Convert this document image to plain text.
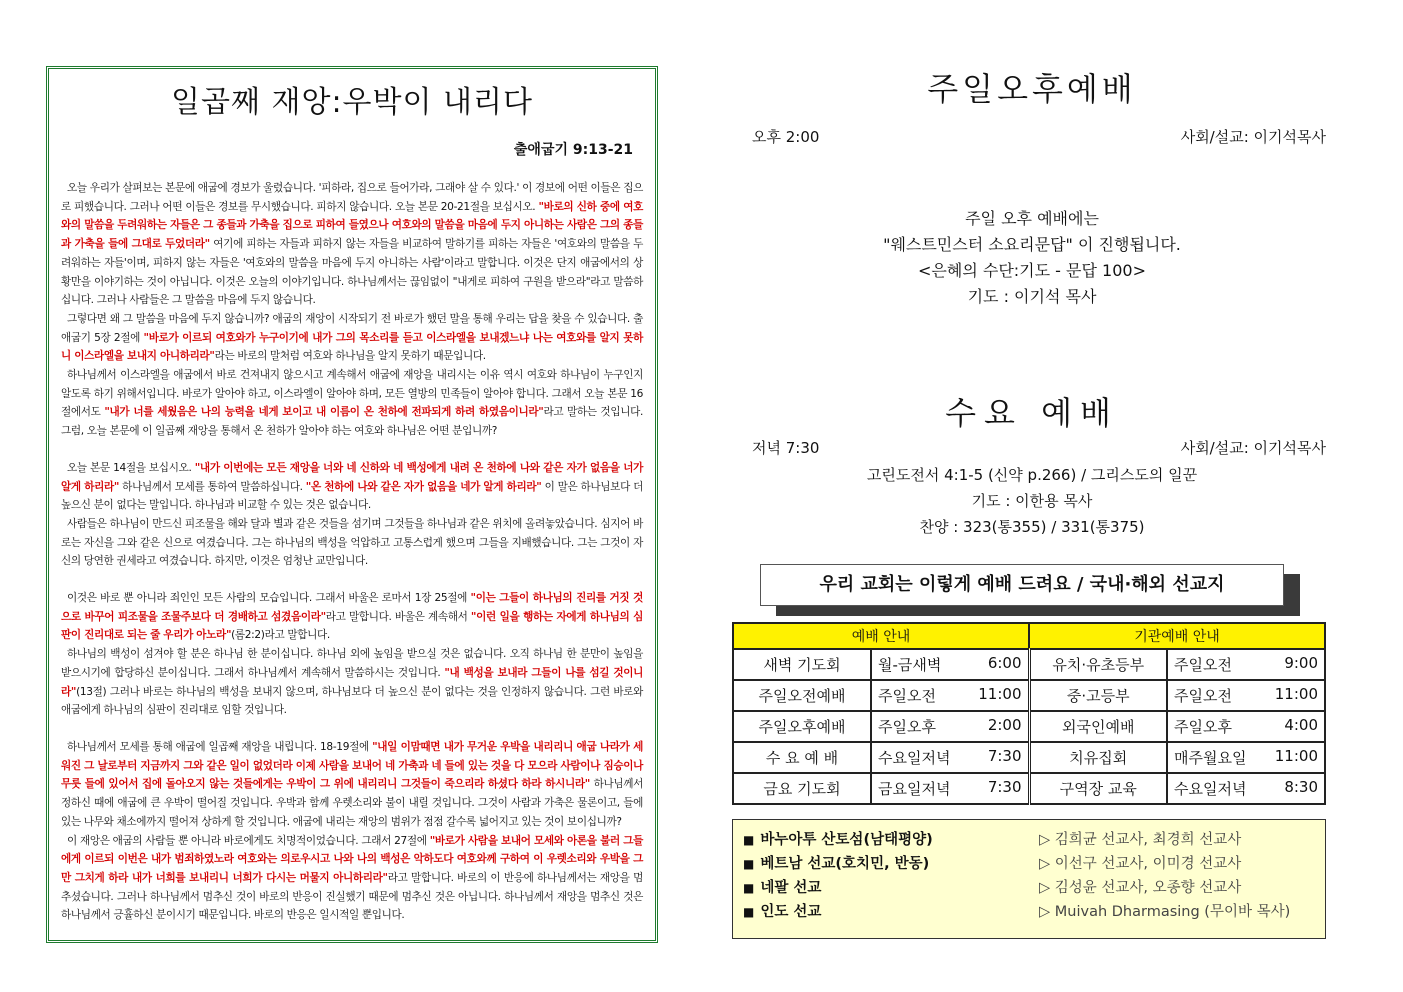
일곱째 재앙:우박이 내리다
출애굽기 9:13-21

오늘 우리가 살펴보는 본문에 애굽에 경보가 울렸습니다. '피하라, 집으로 들어가라, 그래야 살 수 있다.' 이 경보에 어떤 이들은 집으로 피했습니다. 그러나 어떤 이들은 경보를 무시했습니다. 피하지 않습니다. 오늘 본문 20-21절을 보십시오. "바로의 신하 중에 여호와의 말씀을 두려워하는 자들은 그 종들과 가축을 집으로 피하여 들였으나 여호와의 말씀을 마음에 두지 아니하는 사람은 그의 종들과 가축을 들에 그대로 두었더라" 여기에 피하는 자들과 피하지 않는 자들을 비교하여 말하기를 피하는 자들은 '여호와의 말씀을 두려워하는 자들'이며, 피하지 않는 자들은 '여호와의 말씀을 마음에 두지 아니하는 사람'이라고 말합니다. 이것은 단지 애굽에서의 상황만을 이야기하는 것이 아닙니다. 이것은 오늘의 이야기입니다. 하나님께서는 끊임없이 "내게로 피하여 구원을 받으라"라고 말씀하십니다. 그러나 사람들은 그 말씀을 마음에 두지 않습니다.

그렇다면 왜 그 말씀을 마음에 두지 않습니까? 애굽의 재앙이 시작되기 전 바로가 했던 말을 통해 우리는 답을 찾을 수 있습니다. 출애굽기 5장 2절에 "바로가 이르되 여호와가 누구이기에 내가 그의 목소리를 듣고 이스라엘을 보내겠느냐 나는 여호와를 알지 못하니 이스라엘을 보내지 아니하리라"라는 바로의 말처럼 여호와 하나님을 알지 못하기 때문입니다.

하나님께서 이스라엘을 애굽에서 바로 건져내지 않으시고 계속해서 애굽에 재앙을 내리시는 이유 역시 여호와 하나님이 누구인지 알도록 하기 위해서입니다. 바로가 알아야 하고, 이스라엘이 알아야 하며, 모든 열방의 민족들이 알아야 합니다. 그래서 오늘 본문 16절에서도 "내가 너를 세웠음은 나의 능력을 네게 보이고 내 이름이 온 천하에 전파되게 하려 하였음이니라"라고 말하는 것입니다. 그럼, 오늘 본문에 이 일곱째 재앙을 통해서 온 천하가 알아야 하는 여호와 하나님은 어떤 분입니까?

오늘 본문 14절을 보십시오. "내가 이번에는 모든 재앙을 너와 네 신하와 네 백성에게 내려 온 천하에 나와 같은 자가 없음을 너가 알게 하리라" 하나님께서 모세를 통하여 말씀하십니다. "온 천하에 나와 같은 자가 없음을 네가 알게 하리라" 이 말은 하나님보다 더 높으신 분이 없다는 말입니다. 하나님과 비교할 수 있는 것은 없습니다.

사람들은 하나님이 만드신 피조물을 해와 달과 별과 같은 것들을 섬기며 그것들을 하나님과 같은 위치에 올려놓았습니다. 심지어 바로는 자신을 그와 같은 신으로 여겼습니다. 그는 하나님의 백성을 억압하고 고통스럽게 했으며 그들을 지배했습니다. 그는 그것이 자신의 당연한 권세라고 여겼습니다. 하지만, 이것은 엄청난 교만입니다.

이것은 바로 뿐 아니라 죄인인 모든 사람의 모습입니다. 그래서 바울은 로마서 1장 25절에 "이는 그들이 하나님의 진리를 거짓 것으로 바꾸어 피조물을 조물주보다 더 경배하고 섬겼음이라"라고 말합니다. 바울은 계속해서 "이런 일을 행하는 자에게 하나님의 심판이 진리대로 되는 줄 우리가 아노라"(롬2:2)라고 말합니다.

하나님의 백성이 섬겨야 할 분은 하나님 한 분이십니다. 하나님 외에 높임을 받으실 것은 없습니다. 오직 하나님 한 분만이 높임을 받으시기에 합당하신 분이십니다. 그래서 하나님께서 계속해서 말씀하시는 것입니다. "내 백성을 보내라 그들이 나를 섬길 것이니라"(13절) 그러나 바로는 하나님의 백성을 보내지 않으며, 하나님보다 더 높으신 분이 없다는 것을 인정하지 않습니다. 그런 바로와 애굽에게 하나님의 심판이 진리대로 임할 것입니다.

하나님께서 모세를 통해 애굽에 일곱째 재앙을 내립니다. 18-19절에 "내일 이맘때면 내가 무거운 우박을 내리리니 애굽 나라가 세워진 그 날로부터 지금까지 그와 같은 일이 없었더라 이제 사람을 보내어 네 가축과 네 들에 있는 것을 다 모으라 사람이나 짐승이나 무릇 들에 있어서 집에 돌아오지 않는 것들에게는 우박이 그 위에 내리리니 그것들이 죽으리라 하셨다 하라 하시니라" 하나님께서 정하신 때에 애굽에 큰 우박이 떨어질 것입니다. 우박과 함께 우렛소리와 불이 내릴 것입니다. 그것이 사람과 가축은 물론이고, 들에 있는 나무와 채소에까지 떨어져 상하게 할 것입니다. 애굽에 내리는 재앙의 범위가 점점 갈수록 넓어지고 있는 것이 보이십니까?

이 재앙은 애굽의 사람들 뿐 아니라 바로에게도 치명적이었습니다. 그래서 27절에 "바로가 사람을 보내어 모세와 아론을 불러 그들에게 이르되 이번은 내가 범죄하였노라 여호와는 의로우시고 나와 나의 백성은 악하도다 여호와께 구하여 이 우렛소리와 우박을 그만 그치게 하라 내가 너희를 보내리니 너희가 다시는 머물지 아니하리라"라고 말합니다. 바로의 이 반응에 하나님께서는 재앙을 멈추셨습니다. 그러나 하나님께서 멈추신 것이 바로의 반응이 진실했기 때문에 멈추신 것은 아닙니다. 하나님께서 재앙을 멈추신 것은 하나님께서 긍휼하신 분이시기 때문입니다. 바로의 반응은 일시적일 뿐입니다.

주일오후예배
오후 2:00	사회/설교: 이기석목사
주일 오후 예배에는
"웨스트민스터 소요리문답" 이 진행됩니다.
<은혜의 수단:기도 - 문답 100>
기도 : 이기석 목사
수요 예배
저녁 7:30	사회/설교: 이기석목사
고린도전서 4:1-5 (신약 p.266) / 그리스도의 일꾼
기도 : 이한용 목사
찬양 : 323(통355) / 331(통375)
우리 교회는 이렇게 예배 드려요 / 국내·해외 선교지
예배 안내		기관예배 안내	
새벽 기도회	월-금새벽 6:00	유치·유초등부	주일오전 9:00

주일오전예배	주일오전 11:00	중·고등부	주일오전 11:00

주일오후예배	주일오후 2:00	외국인예배	주일오후 4:00

수 요 예 배	수요일저녁 7:30	치유집회	매주월요일 11:00

금요 기도회	금요일저녁 7:30	구역장 교육	수요일저녁 8:30
■ 바누아투 산토섬(남태평양)	▷ 김희균 선교사, 최경희 선교사
■ 베트남 선교(호치민, 반동)	▷ 이선구 선교사, 이미경 선교사
■ 네팔 선교	▷ 김성윤 선교사, 오종향 선교사
■ 인도 선교	▷ Muivah Dharmasing (무이바 목사)
